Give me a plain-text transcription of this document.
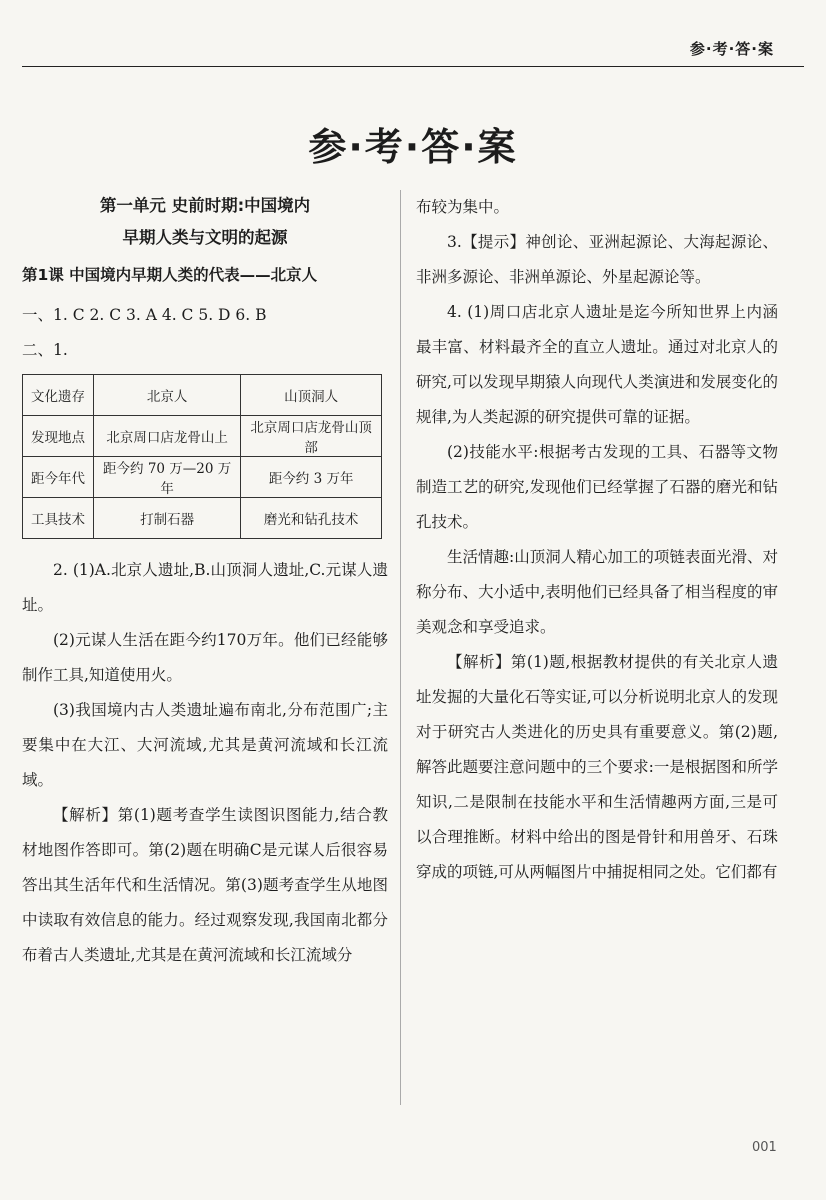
参·考·答·案
参·考·答·案
第一单元 史前时期:中国境内
早期人类与文明的起源
第1课 中国境内早期人类的代表——北京人

一、1. C 2. C 3. A 4. C 5. D 6. B

二、1.

文化遗存	北京人	山顶洞人
发现地点	北京周口店龙骨山上	北京周口店龙骨山顶部
距今年代	距今约 70 万—20 万年	距今约 3 万年
工具技术	打制石器	磨光和钻孔技术

2. (1)A.北京人遗址,B.山顶洞人遗址,C.元谋人遗址。

(2)元谋人生活在距今约170万年。他们已经能够制作工具,知道使用火。

(3)我国境内古人类遗址遍布南北,分布范围广;主要集中在大江、大河流域,尤其是黄河流域和长江流域。

【解析】第(1)题考查学生读图识图能力,结合教材地图作答即可。第(2)题在明确C是元谋人后很容易答出其生活年代和生活情况。第(3)题考查学生从地图中读取有效信息的能力。经过观察发现,我国南北都分布着古人类遗址,尤其是在黄河流域和长江流域分

布较为集中。

3.【提示】神创论、亚洲起源论、大海起源论、非洲多源论、非洲单源论、外星起源论等。

4. (1)周口店北京人遗址是迄今所知世界上内涵最丰富、材料最齐全的直立人遗址。通过对北京人的研究,可以发现早期猿人向现代人类演进和发展变化的规律,为人类起源的研究提供可靠的证据。

(2)技能水平:根据考古发现的工具、石器等文物制造工艺的研究,发现他们已经掌握了石器的磨光和钻孔技术。

生活情趣:山顶洞人精心加工的项链表面光滑、对称分布、大小适中,表明他们已经具备了相当程度的审美观念和享受追求。

【解析】第(1)题,根据教材提供的有关北京人遗址发掘的大量化石等实证,可以分析说明北京人的发现对于研究古人类进化的历史具有重要意义。第(2)题,解答此题要注意问题中的三个要求:一是根据图和所学知识,二是限制在技能水平和生活情趣两方面,三是可以合理推断。材料中给出的图是骨针和用兽牙、石珠穿成的项链,可从两幅图片中捕捉相同之处。它们都有

001
